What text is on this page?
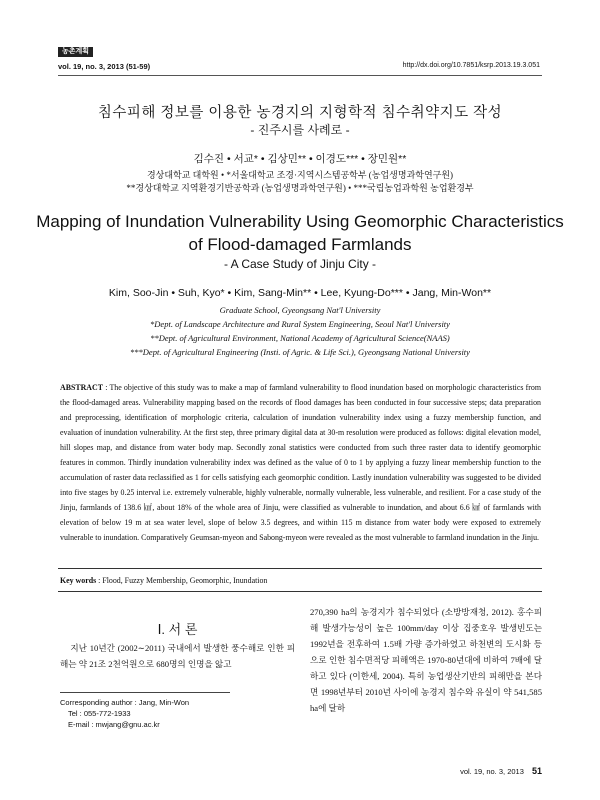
농촌계획
vol. 19, no. 3, 2013 (51-59)	http://dx.doi.org/10.7851/ksrp.2013.19.3.051
침수피해 정보를 이용한 농경지의 지형학적 침수취약지도 작성
- 진주시를 사례로 -
김수진 • 서교* • 김상민** • 이경도*** • 장민원**
경상대학교 대학원 • *서울대학교 조경·지역시스템공학부 (농업생명과학연구원)
**경상대학교 지역환경기반공학과 (농업생명과학연구원) • ***국립농업과학원 농업환경부
Mapping of Inundation Vulnerability Using Geomorphic Characteristics
of Flood-damaged Farmlands
- A Case Study of Jinju City -
Kim, Soo-Jin • Suh, Kyo* • Kim, Sang-Min** • Lee, Kyung-Do*** • Jang, Min-Won**
Graduate School, Gyeongsang Nat'l University
*Dept. of Landscape Architecture and Rural System Engineering, Seoul Nat'l University
**Dept. of Agricultural Environment, National Academy of Agricultural Science(NAAS)
***Dept. of Agricultural Engineering (Insti. of Agric. & Life Sci.), Gyeongsang National University
ABSTRACT : The objective of this study was to make a map of farmland vulnerability to flood inundation based on morphologic characteristics from the flood-damaged areas. Vulnerability mapping based on the records of flood damages has been conducted in four successive steps; data preparation and preprocessing, identification of morphologic criteria, calculation of inundation vulnerability index using a fuzzy membership function, and evaluation of inundation vulnerability. At the first step, three primary digital data at 30-m resolution were produced as follows: digital elevation model, hill slopes map, and distance from water body map. Secondly zonal statistics were conducted from such three raster data to identify geomorphic features in common. Thirdly inundation vulnerability index was defined as the value of 0 to 1 by applying a fuzzy linear membership function to the accumulation of raster data reclassified as 1 for cells satisfying each geomorphic condition. Lastly inundation vulnerability was suggested to be divided into five stages by 0.25 interval i.e. extremely vulnerable, highly vulnerable, normally vulnerable, less vulnerable, and resilient. For a case study of the Jinju, farmlands of 138.6 ㎢, about 18% of the whole area of Jinju, were classified as vulnerable to inundation, and about 6.6 ㎢ of farmlands with elevation of below 19 m at sea water level, slope of below 3.5 degrees, and within 115 m distance from water body were exposed to extremely vulnerable to inundation. Comparatively Geumsan-myeon and Sabong-myeon were revealed as the most vulnerable to farmland inundation in the Jinju.
Key words : Flood, Fuzzy Membership, Geomorphic, Inundation
Ⅰ. 서 론
지난 10년간 (2002∼2011) 국내에서 발생한 풍수해로 인한 피해는 약 21조 2천억원으로 680명의 인명을 앓고
270,390 ha의 농경지가 침수되었다 (소방방재청, 2012). 홍수피해 발생가능성이 높은 100mm/day 이상 집중호우 발생빈도는 1992년을 전후하여 1.5배 가량 증가하였고 하천변의 도시화 등으로 인한 침수면적당 피해액은 1970-80년대에 비하여 7배에 달하고 있다 (이한세, 2004). 특히 농업생산기반의 피해만을 본다면 1998년부터 2010년 사이에 농경지 침수와 유실이 약 541,585 ha에 달하
Corresponding author : Jang, Min-Won
Tel : 055-772-1933
E-mail : mwjang@gnu.ac.kr
vol. 19, no. 3, 2013 51
